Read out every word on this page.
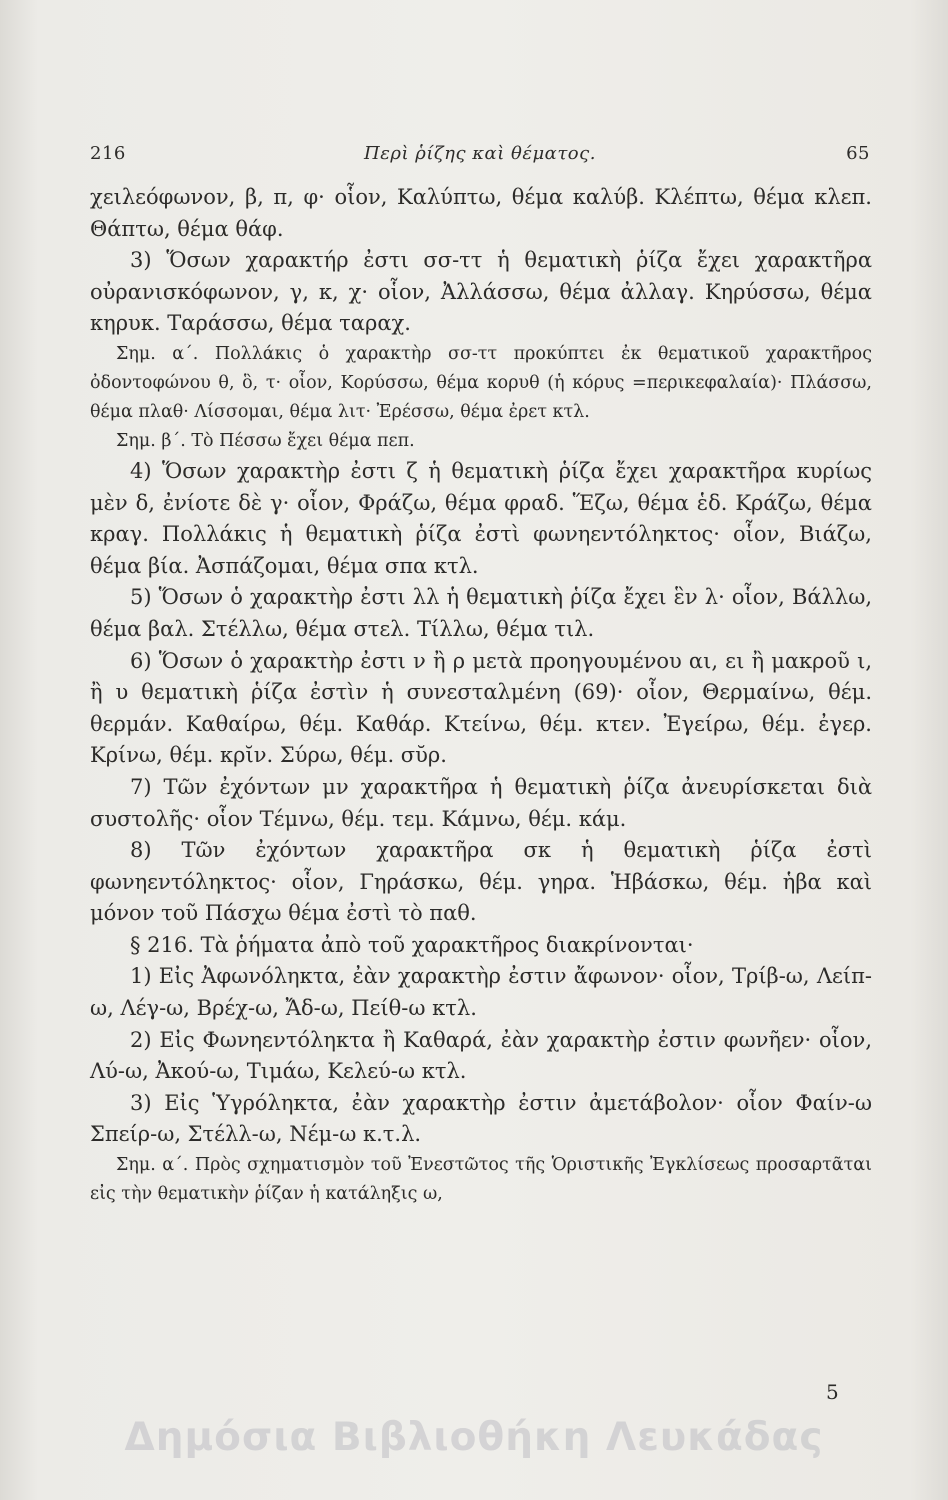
216	Περὶ ῥίζης καὶ θέματος.	65

χειλεόφωνον, β, π, φ· οἷον, Καλύπτω, θέμα καλύβ. Κλέπτω, θέμα κλεπ. Θάπτω, θέμα θάφ.

3) Ὅσων χαρακτήρ ἐστι σσ-ττ ἡ θεματικὴ ῥίζα ἔχει χαρακτῆρα οὐρανισκόφωνον, γ, κ, χ· οἷον, Ἀλλάσσω, θέμα ἀλλαγ. Κηρύσσω, θέμα κηρυκ. Ταράσσω, θέμα ταραχ.

Σημ. α΄. Πολλάκις ὁ χαρακτὴρ σσ-ττ προκύπτει ἐκ θεματικοῦ χαρακτῆρος ὀδοντοφώνου θ, ὃ, τ· οἷον, Κορύσσω, θέμα κορυθ (ἡ κόρυς =περικεφαλαία)· Πλάσσω, θέμα πλαθ· Λίσσομαι, θέμα λιτ· Ἐρέσσω, θέμα ἐρετ κτλ.

Σημ. β΄. Τὸ Πέσσω ἔχει θέμα πεπ.

4) Ὅσων χαρακτὴρ ἐστι ζ ἡ θεματικὴ ῥίζα ἔχει χαρακτῆρα κυρίως μὲν δ, ἐνίοτε δὲ γ· οἷον, Φράζω, θέμα φραδ. Ἕζω, θέμα ἑδ. Κράζω, θέμα κραγ. Πολλάκις ἡ θεματικὴ ῥίζα ἐστὶ φωνηεντόληκτος· οἷον, Βιάζω, θέμα βία. Ἀσπάζομαι, θέμα σπα κτλ.

5) Ὅσων ὁ χαρακτὴρ ἐστι λλ ἡ θεματικὴ ῥίζα ἔχει ἓν λ· οἷον, Βάλλω, θέμα βαλ. Στέλλω, θέμα στελ. Τίλλω, θέμα τιλ.

6) Ὅσων ὁ χαρακτὴρ ἐστι ν ἢ ρ μετὰ προηγουμένου αι, ει ἢ μακροῦ ι, ἢ υ θεματικὴ ῥίζα ἐστὶν ἡ συνεσταλμένη (69)· οἷον, Θερμαίνω, θέμ. θερμάν. Καθαίρω, θέμ. Καθάρ. Κτείνω, θέμ. κτεν. Ἐγείρω, θέμ. ἐγερ. Κρίνω, θέμ. κρῐν. Σύρω, θέμ. σῠρ.

7) Τῶν ἐχόντων μν χαρακτῆρα ἡ θεματικὴ ῥίζα ἀνευρίσκεται διὰ συστολῆς· οἷον Τέμνω, θέμ. τεμ. Κάμνω, θέμ. κάμ.

8) Τῶν ἐχόντων χαρακτῆρα σκ ἡ θεματικὴ ῥίζα ἐστὶ φωνηεντόληκτος· οἷον, Γηράσκω, θέμ. γηρα. Ἡβάσκω, θέμ. ἡβα καὶ μόνον τοῦ Πάσχω θέμα ἐστὶ τὸ παθ.

§ 216. Τὰ ῥήματα ἀπὸ τοῦ χαρακτῆρος διακρίνονται·

1) Εἰς Ἀφωνόληκτα, ἐὰν χαρακτὴρ ἐστιν ἄφωνον· οἷον, Τρίβ-ω, Λείπ-ω, Λέγ-ω, Βρέχ-ω, Ἄδ-ω, Πείθ-ω κτλ.

2) Εἰς Φωνηεντόληκτα ἢ Καθαρά, ἐὰν χαρακτὴρ ἐστιν φωνῆεν· οἷον, Λύ-ω, Ἀκού-ω, Τιμάω, Κελεύ-ω κτλ.

3) Εἰς Ὑγρόληκτα, ἐὰν χαρακτὴρ ἐστιν ἀμετάβολον· οἷον Φαίν-ω Σπείρ-ω, Στέλλ-ω, Νέμ-ω κ.τ.λ.

Σημ. α΄. Πρὸς σχηματισμὸν τοῦ Ἐνεστῶτος τῆς Ὁριστικῆς Ἐγκλίσεως προσαρτᾶται εἰς τὴν θεματικὴν ῥίζαν ἡ κατάληξις ω,

5
Δημόσια Βιβλιοθήκη Λευκάδας
